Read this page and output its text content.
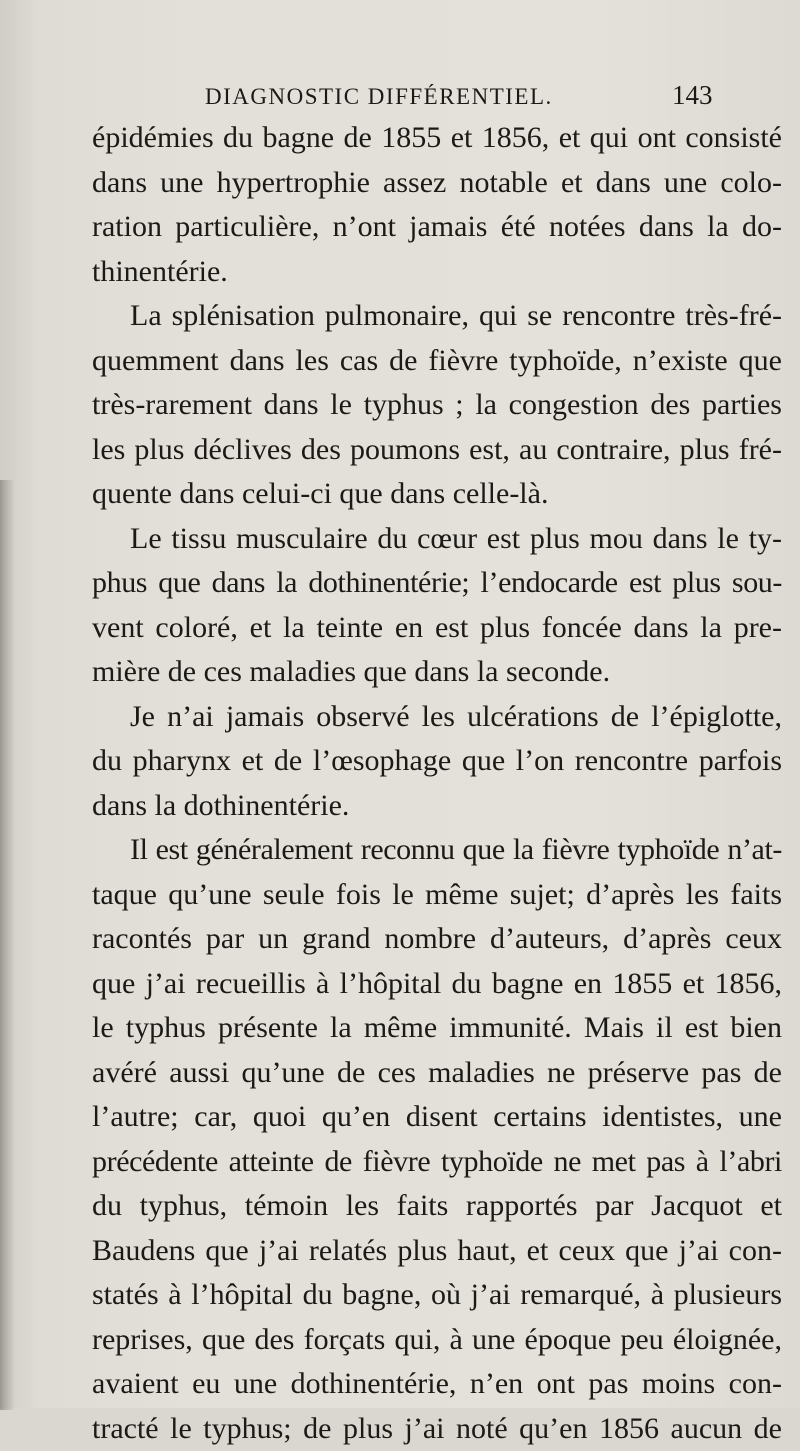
DIAGNOSTIC DIFFÉRENTIEL.	143
épidémies du bagne de 1855 et 1856, et qui ont consisté
dans une hypertrophie assez notable et dans une colo-
ration particulière, n’ont jamais été notées dans la do-
thinentérie.
La splénisation pulmonaire, qui se rencontre très-fré-
quemment dans les cas de fièvre typhoïde, n’existe que
très-rarement dans le typhus ; la congestion des parties
les plus déclives des poumons est, au contraire, plus fré-
quente dans celui-ci que dans celle-là.
Le tissu musculaire du cœur est plus mou dans le ty-
phus que dans la dothinentérie; l’endocarde est plus sou-
vent coloré, et la teinte en est plus foncée dans la pre-
mière de ces maladies que dans la seconde.
Je n’ai jamais observé les ulcérations de l’épiglotte,
du pharynx et de l’œsophage que l’on rencontre parfois
dans la dothinentérie.
Il est généralement reconnu que la fièvre typhoïde n’at-
taque qu’une seule fois le même sujet; d’après les faits
racontés par un grand nombre d’auteurs, d’après ceux
que j’ai recueillis à l’hôpital du bagne en 1855 et 1856,
le typhus présente la même immunité. Mais il est bien
avéré aussi qu’une de ces maladies ne préserve pas de
l’autre; car, quoi qu’en disent certains identistes, une
précédente atteinte de fièvre typhoïde ne met pas à l’abri
du typhus, témoin les faits rapportés par Jacquot et
Baudens que j’ai relatés plus haut, et ceux que j’ai con-
statés à l’hôpital du bagne, où j’ai remarqué, à plusieurs
reprises, que des forçats qui, à une époque peu éloignée,
avaient eu une dothinentérie, n’en ont pas moins con-
tracté le typhus; de plus j’ai noté qu’en 1856 aucun de
